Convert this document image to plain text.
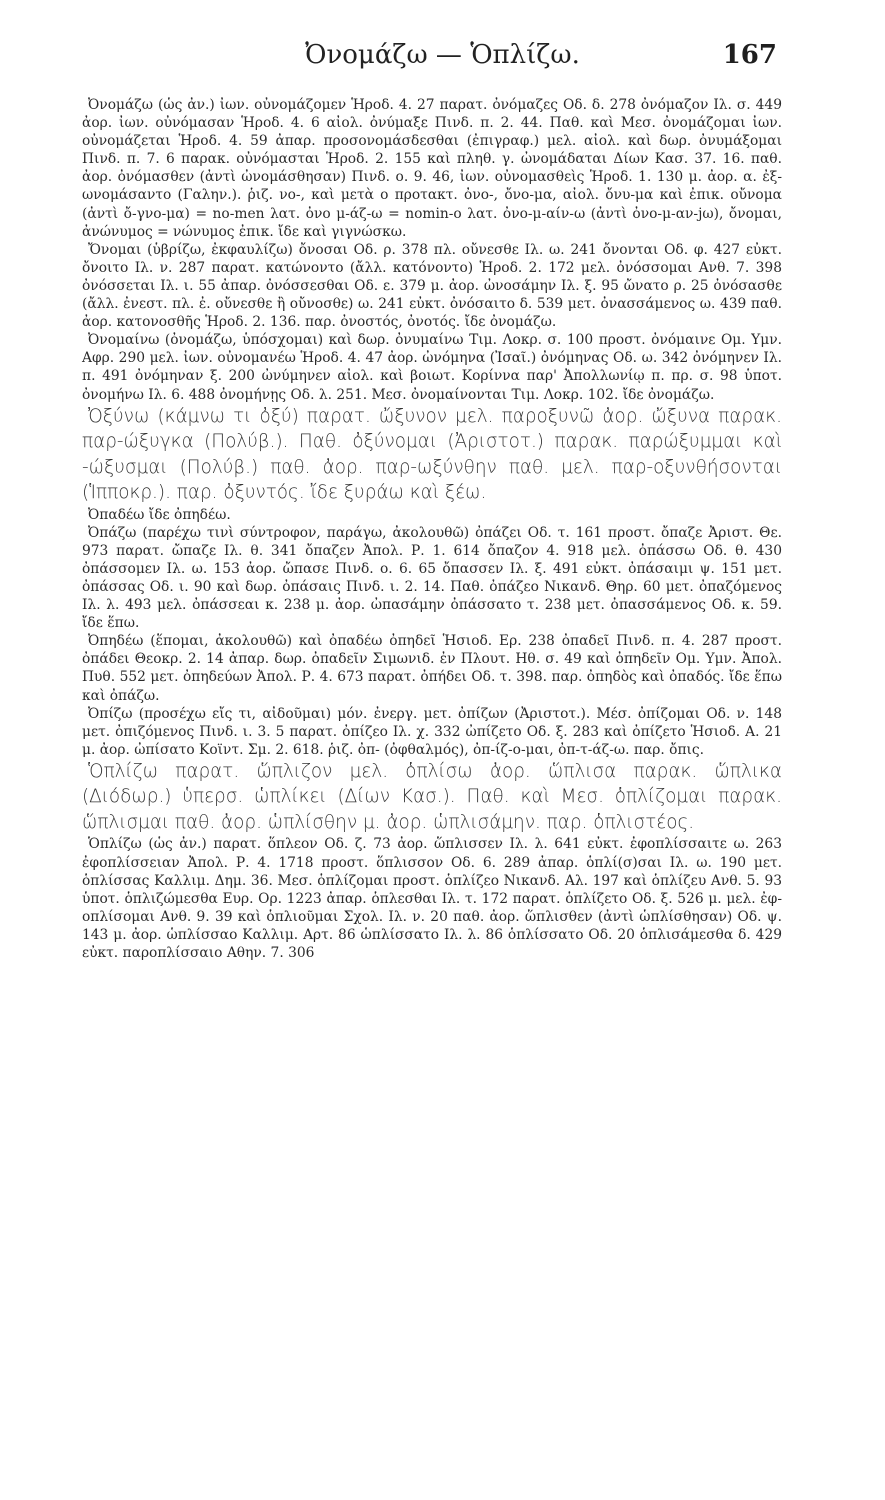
Ὀνομάζω — Ὁπλίζω.	167

Ὀνομάζω (ὡς ἀν.) ἰων. οὐνομάζομεν Ἡροδ. 4. 27 παρατ. ὀνόμαζες Οδ. δ. 278 ὀνόμαζον Ιλ. σ. 449 ἀορ. ἰων. οὐνόμασαν Ἡροδ. 4. 6 αἰολ. ὀνύμαξε Πινδ. π. 2. 44. Παθ. καὶ Μεσ. ὀνομάζομαι ἰων. οὐνομάζεται Ἡροδ. 4. 59 ἀπαρ. προσονομάσδεσθαι (ἐπιγραφ.) μελ. αἰολ. καὶ δωρ. ὀνυμάξομαι Πινδ. π. 7. 6 παρακ. οὐνόμασται Ἡροδ. 2. 155 καὶ πληθ. γ. ὠνομάδαται Δίων Κασ. 37. 16. παθ. ἀορ. ὀνόμασθεν (ἀντὶ ὠνομάσθησαν) Πινδ. ο. 9. 46, ἰων. οὐνομασθεὶς Ἡροδ. 1. 130 μ. ἀορ. α. ἐξ-ωνομάσαντο (Γαλην.). ῥιζ. νο-, καὶ μετὰ ο προτακτ. ὀνο-, ὄνο-μα, αἰολ. ὄνυ-μα καὶ ἐπικ. οὔνομα (ἀντὶ ὄ-γνο-μα) = no-men λατ. ὀνο μ-άζ-ω = nomin-o λατ. ὀνο-μ-αίν-ω (ἀντὶ ὀνο-μ-αν-jω), ὄνομαι, ἀνώνυμος = νώνυμος ἐπικ. ἴδε καὶ γιγνώσκω.

Ὄνομαι (ὑβρίζω, ἐκφαυλίζω) ὄνοσαι Οδ. ρ. 378 πλ. οὔνεσθε Ιλ. ω. 241 ὄνονται Οδ. φ. 427 εὐκτ. ὄνοιτο Ιλ. ν. 287 παρατ. κατώνοντο (ἄλλ. κατόνοντο) Ἡροδ. 2. 172 μελ. ὀνόσσομαι Ανθ. 7. 398 ὀνόσσεται Ιλ. ι. 55 ἀπαρ. ὀνόσσεσθαι Οδ. ε. 379 μ. ἀορ. ὠνοσάμην Ιλ. ξ. 95 ὤνατο ρ. 25 ὀνόσασθε (ἄλλ. ἐνεστ. πλ. ἐ. οὔνεσθε ἢ οὔνοσθε) ω. 241 εὐκτ. ὀνόσαιτο δ. 539 μετ. ὀνασσάμενος ω. 439 παθ. ἀορ. κατονοσθῆς Ἡροδ. 2. 136. παρ. ὀνοστός, ὀνοτός. ἴδε ὀνομάζω.

Ὀνομαίνω (ὀνομάζω, ὑπόσχομαι) καὶ δωρ. ὀνυμαίνω Τιμ. Λοκρ. σ. 100 προστ. ὀνόμαινε Ομ. Υμν. Αφρ. 290 μελ. ἰων. οὐνομανέω Ἡροδ. 4. 47 ἀορ. ὠνόμηνα (Ἰσαῖ.) ὀνόμηνας Οδ. ω. 342 ὀνόμηνεν Ιλ. π. 491 ὀνόμηναν ξ. 200 ὠνύμηνεν αἰολ. καὶ βοιωτ. Κορίννα παρ' Ἀπολλωνίῳ π. πρ. σ. 98 ὑποτ. ὀνομήνω Ιλ. 6. 488 ὀνομήνῃς Οδ. λ. 251. Μεσ. ὀνομαίνονται Τιμ. Λοκρ. 102. ἴδε ὀνομάζω.

Ὀξύνω (κάμνω τι ὀξύ) παρατ. ὤξυνον μελ. παροξυνῶ ἀορ. ὤξυνα παρακ. παρ-ώξυγκα (Πολύβ.). Παθ. ὀξύνομαι (Ἀριστοτ.) παρακ. παρώξυμμαι καὶ -ώξυσμαι (Πολύβ.) παθ. ἀορ. παρ-ωξύνθην παθ. μελ. παρ-οξυνθήσονται (Ἱπποκρ.). παρ. ὀξυντός. ἴδε ξυράω καὶ ξέω.

Ὀπαδέω ἴδε ὀπηδέω.

Ὀπάζω (παρέχω τινὶ σύντροφον, παράγω, ἀκολουθῶ) ὀπάζει Οδ. τ. 161 προστ. ὄπαζε Ἀριστ. Θε. 973 παρατ. ὤπαζε Ιλ. θ. 341 ὄπαζεν Ἀπολ. Ρ. 1. 614 ὄπαζον 4. 918 μελ. ὀπάσσω Οδ. θ. 430 ὀπάσσομεν Ιλ. ω. 153 ἀορ. ὤπασε Πινδ. ο. 6. 65 ὄπασσεν Ιλ. ξ. 491 εὐκτ. ὀπάσαιμι ψ. 151 μετ. ὀπάσσας Οδ. ι. 90 καὶ δωρ. ὀπάσαις Πινδ. ι. 2. 14. Παθ. ὀπάζεο Νικανδ. Θηρ. 60 μετ. ὀπαζόμενος Ιλ. λ. 493 μελ. ὀπάσσεαι κ. 238 μ. ἀορ. ὠπασάμην ὀπάσσατο τ. 238 μετ. ὀπασσάμενος Οδ. κ. 59. ἴδε ἕπω.

Ὀπηδέω (ἕπομαι, ἀκολουθῶ) καὶ ὀπαδέω ὀπηδεῖ Ἡσιοδ. Ερ. 238 ὀπαδεῖ Πινδ. π. 4. 287 προστ. ὀπάδει Θεοκρ. 2. 14 ἀπαρ. δωρ. ὀπαδεῖν Σιμωνιδ. ἐν Πλουτ. Ηθ. σ. 49 καὶ ὀπηδεῖν Ομ. Υμν. Ἀπολ. Πυθ. 552 μετ. ὀπηδεύων Ἀπολ. Ρ. 4. 673 παρατ. ὀπήδει Οδ. τ. 398. παρ. ὀπηδὸς καὶ ὀπαδός. ἴδε ἕπω καὶ ὀπάζω.

Ὀπίζω (προσέχω εἴς τι, αἰδοῦμαι) μόν. ἐνεργ. μετ. ὀπίζων (Ἀριστοτ.). Μέσ. ὀπίζομαι Οδ. ν. 148 μετ. ὀπιζόμενος Πινδ. ι. 3. 5 παρατ. ὀπίζεο Ιλ. χ. 332 ὠπίζετο Οδ. ξ. 283 καὶ ὀπίζετο Ἡσιοδ. Α. 21 μ. ἀορ. ὠπίσατο Κοϊντ. Σμ. 2. 618. ῥιζ. ὀπ- (ὀφθαλμός), ὀπ-ίζ-ο-μαι, ὀπ-τ-άζ-ω. παρ. ὄπις.

Ὁπλίζω παρατ. ὥπλιζον μελ. ὁπλίσω ἀορ. ὥπλισα παρακ. ὥπλικα (Διόδωρ.) ὑπερσ. ὡπλίκει (Δίων Κασ.). Παθ. καὶ Μεσ. ὁπλίζομαι παρακ. ὥπλισμαι παθ. ἀορ. ὡπλίσθην μ. ἀορ. ὡπλισάμην. παρ. ὁπλιστέος.

Ὁπλίζω (ὡς ἀν.) παρατ. ὅπλεον Οδ. ζ. 73 ἀορ. ὥπλισσεν Ιλ. λ. 641 εὐκτ. ἐφοπλίσσαιτε ω. 263 ἐφοπλίσσειαν Ἀπολ. Ρ. 4. 1718 προστ. ὅπλισσον Οδ. 6. 289 ἀπαρ. ὁπλί(σ)σαι Ιλ. ω. 190 μετ. ὁπλίσσας Καλλιμ. Δημ. 36. Μεσ. ὁπλίζομαι προστ. ὁπλίζεο Νικανδ. Αλ. 197 καὶ ὁπλίζευ Ανθ. 5. 93 ὑποτ. ὁπλιζώμεσθα Ευρ. Ορ. 1223 ἀπαρ. ὁπλεσθαι Ιλ. τ. 172 παρατ. ὁπλίζετο Οδ. ξ. 526 μ. μελ. ἐφ-οπλίσομαι Ανθ. 9. 39 καὶ ὁπλιοῦμαι Σχολ. Ιλ. ν. 20 παθ. ἀορ. ὥπλισθεν (ἀντὶ ὡπλίσθησαν) Οδ. ψ. 143 μ. ἀορ. ὡπλίσσαο Καλλιμ. Αρτ. 86 ὡπλίσσατο Ιλ. λ. 86 ὁπλίσσατο Οδ. 20 ὁπλισάμεσθα δ. 429 εὐκτ. παροπλίσσαιο Αθην. 7. 306
